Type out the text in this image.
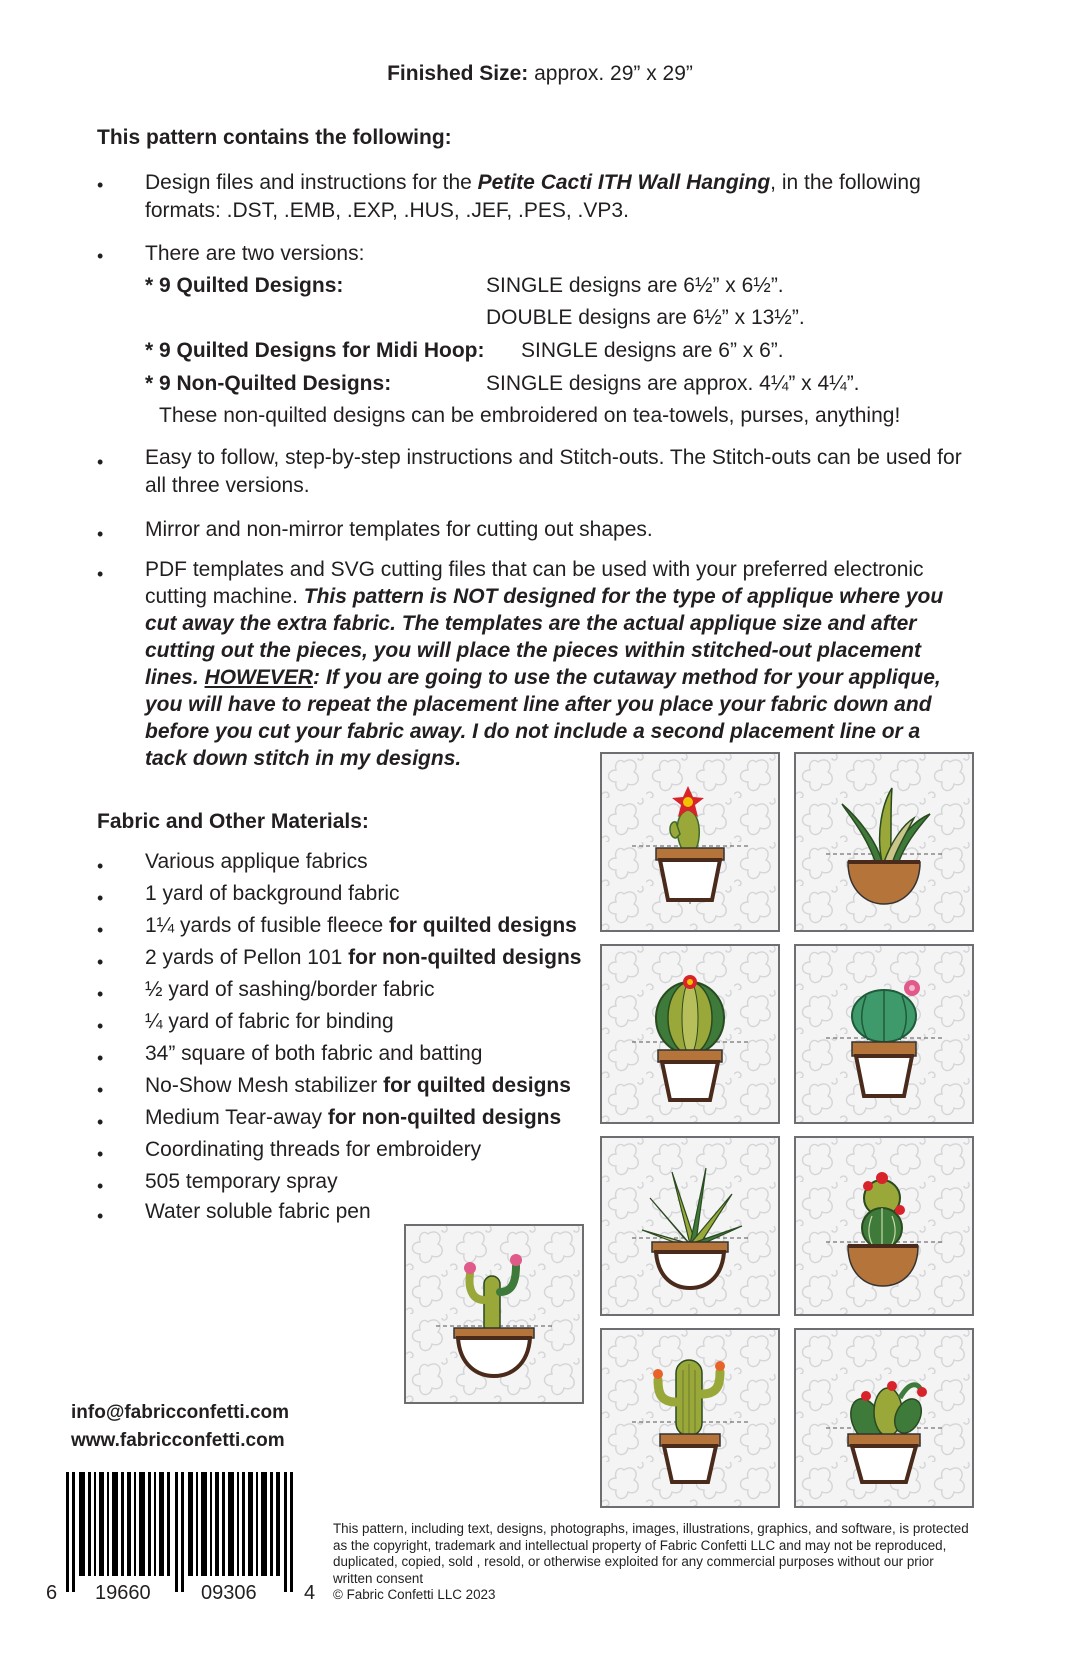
Finished Size: approx. 29” x 29”
This pattern contains the following:
• Design files and instructions for the Petite Cacti ITH Wall Hanging, in the following formats: .DST, .EMB, .EXP, .HUS, .JEF, .PES, .VP3.
• There are two versions:
* 9 Quilted Designs:	SINGLE designs are 6½” x 6½”.
DOUBLE designs are 6½” x 13½”.
* 9 Quilted Designs for Midi Hoop: SINGLE designs are 6” x 6”.
* 9 Non-Quilted Designs:	SINGLE designs are approx. 4¼” x 4¼”.
These non-quilted designs can be embroidered on tea-towels, purses, anything!
• Easy to follow, step-by-step instructions and Stitch-outs. The Stitch-outs can be used for all three versions.
• Mirror and non-mirror templates for cutting out shapes.
• PDF templates and SVG cutting files that can be used with your preferred electronic cutting machine. This pattern is NOT designed for the type of applique where you cut away the extra fabric. The templates are the actual applique size and after cutting out the pieces, you will place the pieces within stitched-out placement lines. HOWEVER: If you are going to use the cutaway method for your applique, you will have to repeat the placement line after you place your fabric down and before you cut your fabric away. I do not include a second placement line or a tack down stitch in my designs.
Fabric and Other Materials:
• Various applique fabrics
• 1 yard of background fabric
• 1¼ yards of fusible fleece for quilted designs
• 2 yards of Pellon 101 for non-quilted designs
• ½ yard of sashing/border fabric
• ¼ yard of fabric for binding
• 34” square of both fabric and batting
• No-Show Mesh stabilizer for quilted designs
• Medium Tear-away for non-quilted designs
• Coordinating threads for embroidery
• 505 temporary spray
• Water soluble fabric pen
info@fabricconfetti.com
www.fabricconfetti.com
6 19660	09306 4
This pattern, including text, designs, photographs, images, illustrations, graphics, and software, is protected as the copyright, trademark and intellectual property of Fabric Confetti LLC and may not be reproduced, duplicated, copied, sold , resold, or otherwise exploited for any commercial purposes without our prior written consent
© Fabric Confetti LLC 2023
